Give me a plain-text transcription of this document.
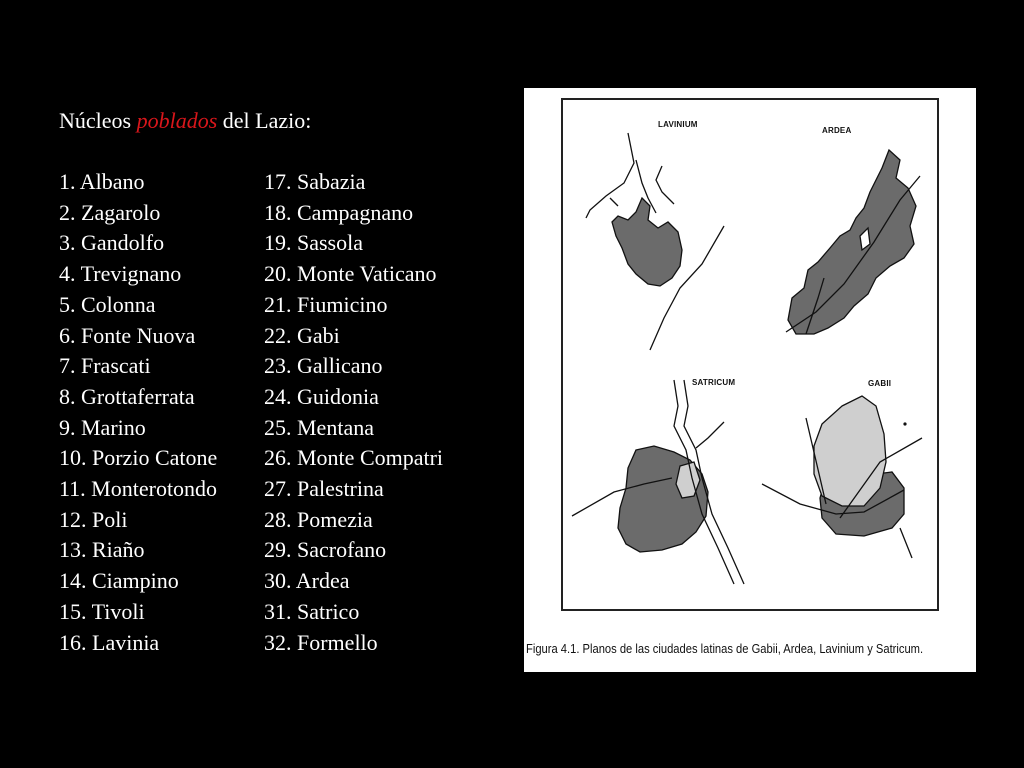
Núcleos poblados del Lazio:
1. Albano
2. Zagarolo
3. Gandolfo
4. Trevignano
5. Colonna
6. Fonte Nuova
7. Frascati
8. Grottaferrata
9. Marino
10. Porzio Catone
11. Monterotondo
12. Poli
13. Riaño
14. Ciampino
15. Tivoli
16. Lavinia
17. Sabazia
18. Campagnano
19. Sassola
20. Monte Vaticano
21. Fiumicino
22. Gabi
23. Gallicano
24. Guidonia
25. Mentana
26. Monte Compatri
27. Palestrina
28. Pomezia
29. Sacrofano
30. Ardea
31. Satrico
32. Formello
LAVINIUM
ARDEA
SATRICUM	GABII
Figura 4.1. Planos de las ciudades latinas de Gabii, Ardea, Lavinium y Satricum.
